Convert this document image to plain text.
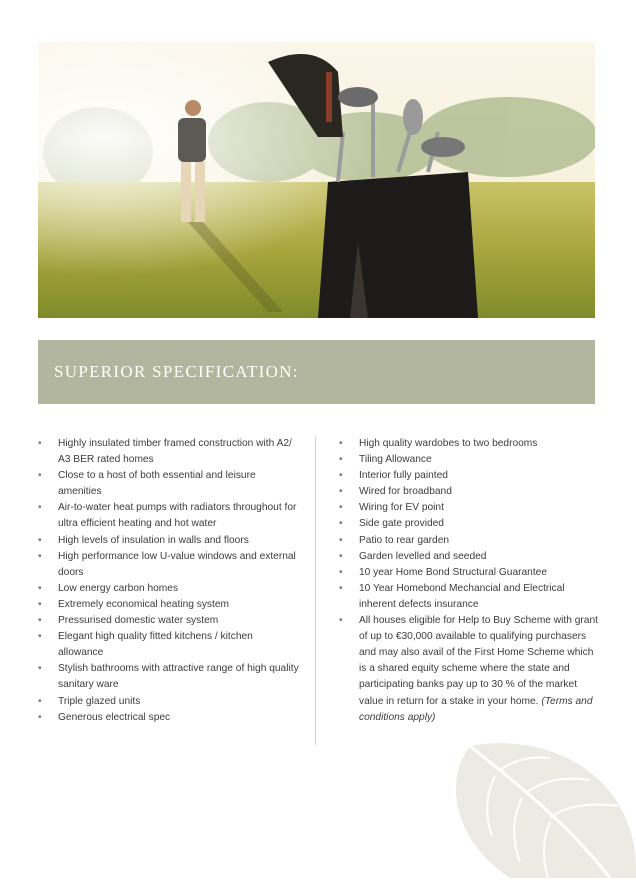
SUPERIOR SPECIFICATION:
• Highly insulated timber framed construction with A2/ A3 BER rated homes
• Close to a host of both essential and leisure amenities
• Air-to-water heat pumps with radiators throughout for ultra efficient heating and hot water
• High levels of insulation in walls and floors
• High performance low U-value windows and external doors
• Low energy carbon homes
• Extremely economical heating system
• Pressurised domestic water system
• Elegant high quality fitted kitchens / kitchen allowance
• Stylish bathrooms with attractive range of high quality sanitary ware
• Triple glazed units
• Generous electrical spec
• High quality wardobes to two bedrooms
• Tiling Allowance
• Interior fully painted
• Wired for broadband
• Wiring for EV point
• Side gate provided
• Patio to rear garden
• Garden levelled and seeded
• 10 year Home Bond Structural Guarantee
• 10 Year Homebond Mechancial and Electrical inherent defects insurance
• All houses eligible for Help to Buy Scheme with grant of up to €30,000 available to qualifying purchasers and may also avail of the First Home Scheme which is a shared equity scheme where the state and participating banks pay up to 30 % of the market value in return for a stake in your home. (Terms and conditions apply)
